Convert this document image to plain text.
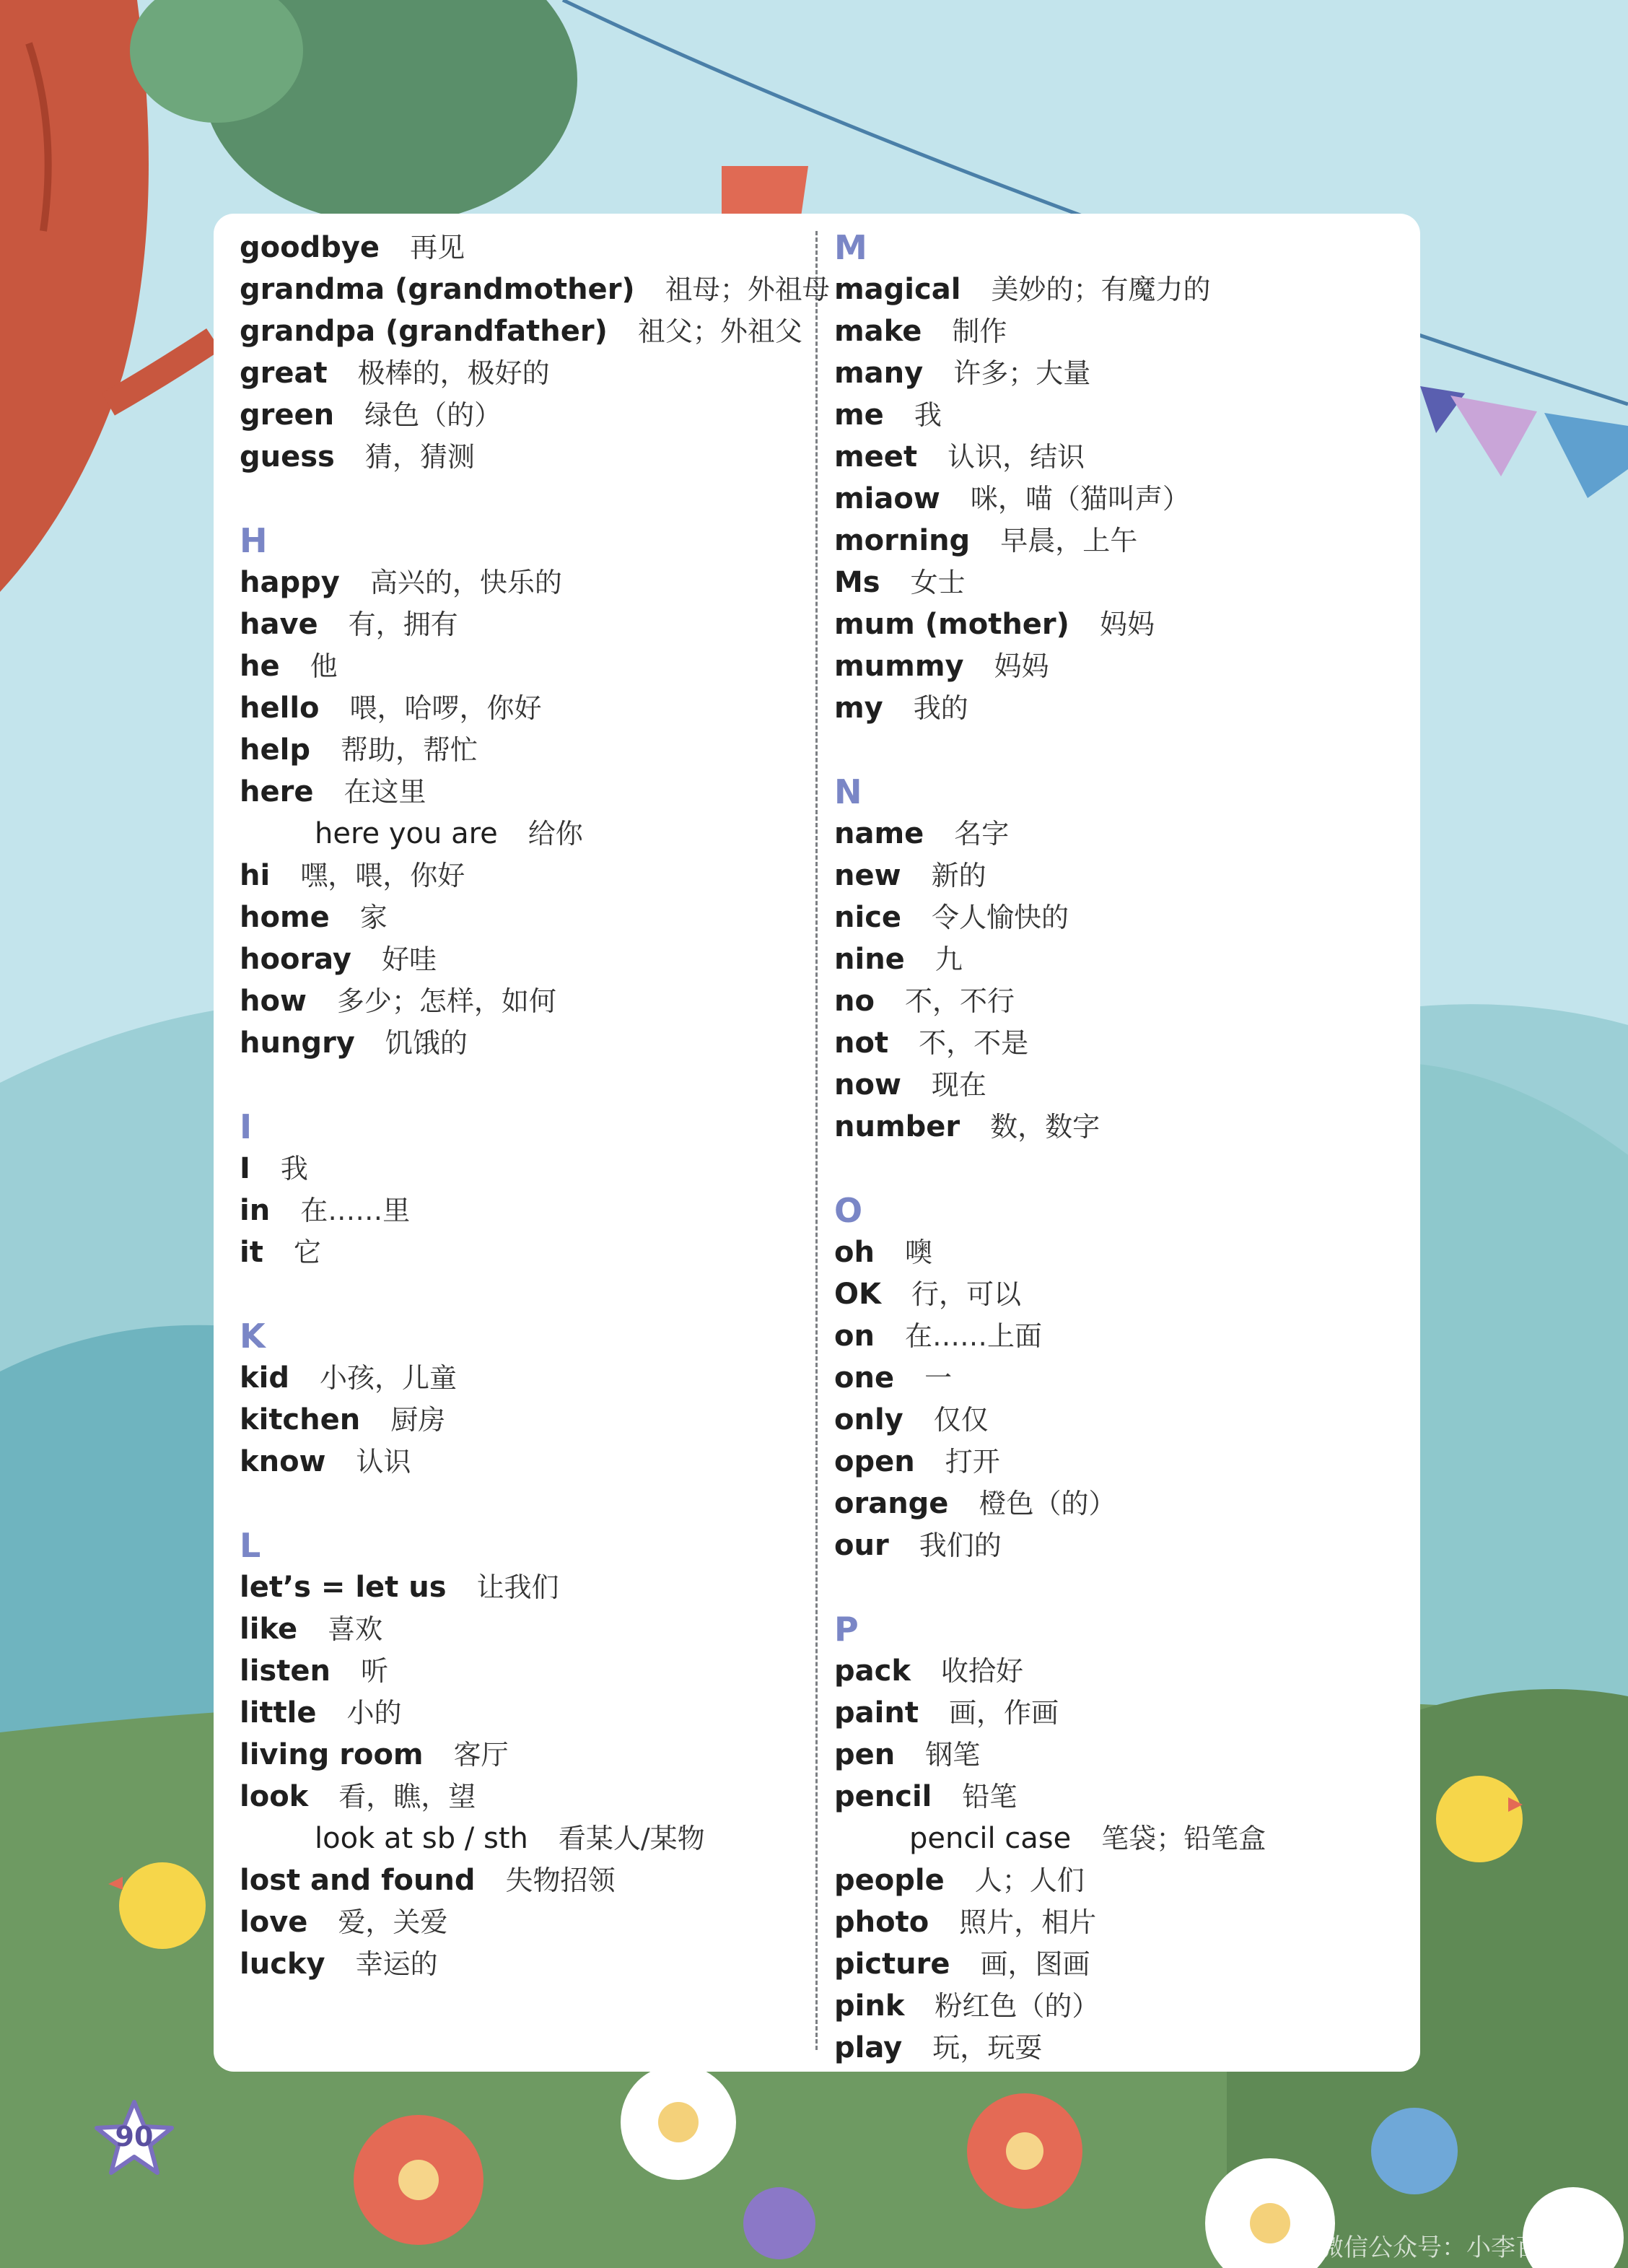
goodbye 再见
grandma (grandmother) 祖母；外祖母
grandpa (grandfather) 祖父；外祖父
great 极棒的，极好的
green 绿色（的）
guess 猜，猜测
H
happy 高兴的，快乐的
have 有，拥有
he 他
hello 喂，哈啰，你好
help 帮助，帮忙
here 在这里
here you are 给你
hi 嘿，喂，你好
home 家
hooray 好哇
how 多少；怎样，如何
hungry 饥饿的
I
I 我
in 在……里
it 它
K
kid 小孩，儿童
kitchen 厨房
know 认识
L
let’s = let us 让我们
like 喜欢
listen 听
little 小的
living room 客厅
look 看，瞧，望
look at sb / sth 看某人/某物
lost and found 失物招领
love 爱，关爱
lucky 幸运的
M
magical 美妙的；有魔力的
make 制作
many 许多；大量
me 我
meet 认识，结识
miaow 咪，喵（猫叫声）
morning 早晨，上午
Ms 女士
mum (mother) 妈妈
mummy 妈妈
my 我的
N
name 名字
new 新的
nice 令人愉快的
nine 九
no 不，不行
not 不，不是
now 现在
number 数，数字
O
oh 噢
OK 行，可以
on 在……上面
one 一
only 仅仅
open 打开
orange 橙色（的）
our 我们的
P
pack 收拾好
paint 画，作画
pen 钢笔
pencil 铅笔
pencil case 笔袋；铅笔盒
people 人；人们
photo 照片，相片
picture 画，图画
pink 粉红色（的）
play 玩，玩耍
90
微信公众号：小李百科
